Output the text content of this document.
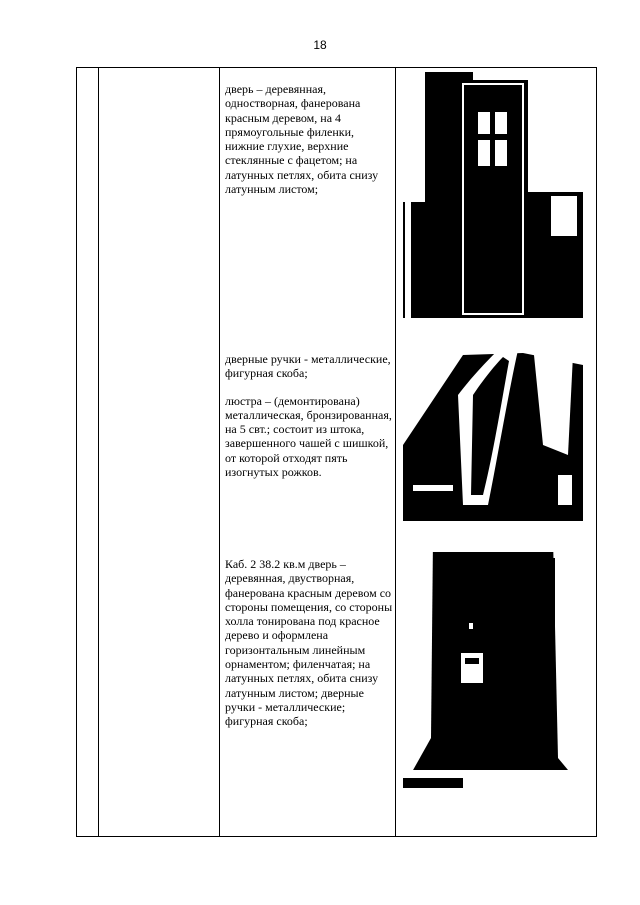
18

дверь – деревянная, одностворная, фанерована красным деревом, на 4 прямоугольные филенки, нижние глухие, верхние стеклянные с фацетом; на латунных петлях, обита снизу латунным листом;

дверные ручки - металлические, фигурная скоба;

люстра – (демонтирована) металлическая, бронзированная, на 5 свт.; состоит из штока, завершенного чашей с шишкой, от которой отходят пять изогнутых рожков.

Каб. 2 38.2 кв.м дверь – деревянная, двустворная, фанерована красным деревом со стороны помещения, со стороны холла тонирована под красное дерево и оформлена горизонтальным линейным орнаментом; филенчатая; на латунных петлях, обита снизу латунным листом; дверные ручки - металлические; фигурная скоба;
